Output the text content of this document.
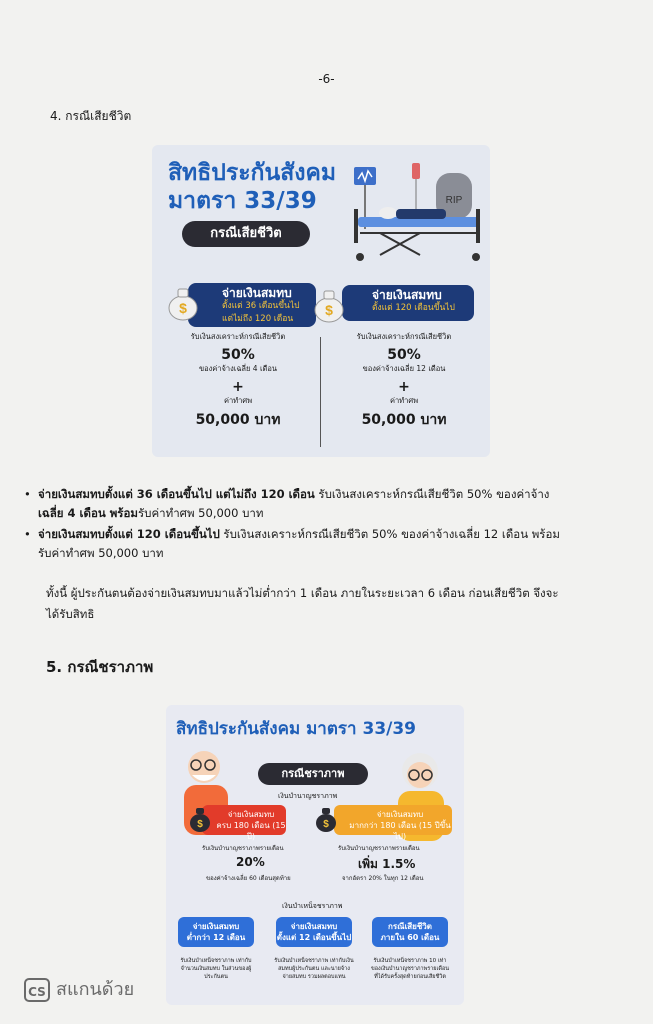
-6-
4. กรณีเสียชีวิต
สิทธิประกันสังคม
มาตรา 33/39
กรณีเสียชีวิต
RIP
จ่ายเงินสมทบ
ตั้งแต่ 36 เดือนขึ้นไป
แต่ไม่ถึง 120 เดือน
$
จ่ายเงินสมทบ
ตั้งแต่ 120 เดือนขึ้นไป
$
รับเงินสงเคราะห์กรณีเสียชีวิต
50%
ของค่าจ้างเฉลี่ย 4 เดือน
+
ค่าทำศพ
50,000 บาท
รับเงินสงเคราะห์กรณีเสียชีวิต
50%
ของค่าจ้างเฉลี่ย 12 เดือน
+
ค่าทำศพ
50,000 บาท
• จ่ายเงินสมทบตั้งแต่ 36 เดือนขึ้นไป แต่ไม่ถึง 120 เดือน รับเงินสงเคราะห์กรณีเสียชีวิต 50% ของค่าจ้าง
เฉลี่ย 4 เดือน พร้อมรับค่าทำศพ 50,000 บาท
• จ่ายเงินสมทบตั้งแต่ 120 เดือนขึ้นไป รับเงินสงเคราะห์กรณีเสียชีวิต 50% ของค่าจ้างเฉลี่ย 12 เดือน พร้อม
รับค่าทำศพ 50,000 บาท
ทั้งนี้ ผู้ประกันตนต้องจ่ายเงินสมทบมาแล้วไม่ต่ำกว่า 1 เดือน ภายในระยะเวลา 6 เดือน ก่อนเสียชีวิต จึงจะ
ได้รับสิทธิ
5. กรณีชราภาพ
สิทธิประกันสังคม มาตรา 33/39
กรณีชราภาพ
เงินบำนาญชราภาพ
จ่ายเงินสมทบ
ครบ 180 เดือน (15 ปี)
จ่ายเงินสมทบ
มากกว่า 180 เดือน (15 ปีขึ้นไป)
$	$
รับเงินบำนาญชราภาพรายเดือน
20%
ของค่าจ้างเฉลี่ย 60 เดือนสุดท้าย
รับเงินบำนาญชราภาพรายเดือน
เพิ่ม 1.5%
จากอัตรา 20% ในทุก 12 เดือน
เงินบำเหน็จชราภาพ
จ่ายเงินสมทบ
ต่ำกว่า 12 เดือน
จ่ายเงินสมทบ
ตั้งแต่ 12 เดือนขึ้นไป
กรณีเสียชีวิต
ภายใน 60 เดือน
รับเงินบำเหน็จชราภาพ เท่ากับจำนวนเงินสมทบ ในส่วนของผู้ประกันตน
รับเงินบำเหน็จชราภาพ เท่ากับเงินสมทบผู้ประกันตน และนายจ้างจ่ายสมทบ รวมผลตอบแทน
รับเงินบำเหน็จชราภาพ 10 เท่า ของเงินบำนาญชราภาพรายเดือน ที่ได้รับครั้งสุดท้ายก่อนเสียชีวิต
CS สแกนด้วย
